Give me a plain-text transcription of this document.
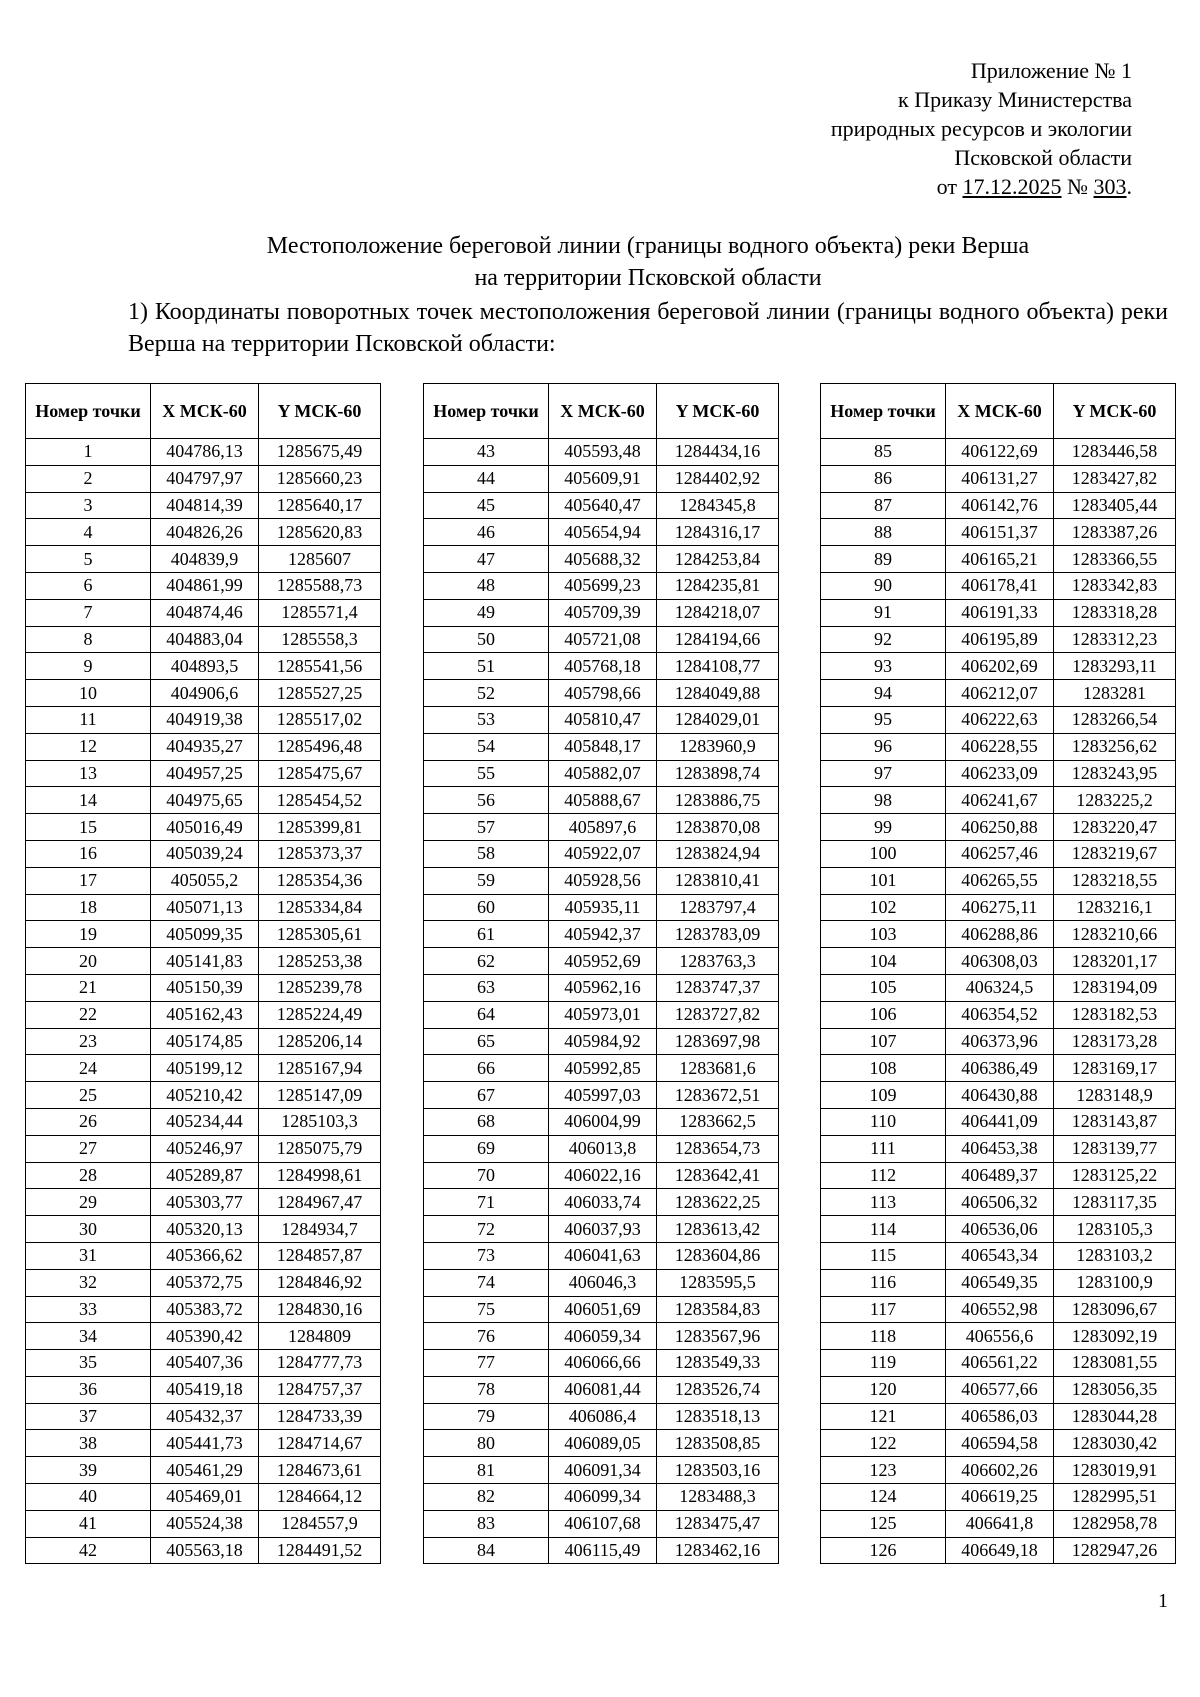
Приложение № 1
к Приказу Министерства
природных ресурсов и экологии
Псковской области
от 17.12.2025 № 303.
Местоположение береговой линии (границы водного объекта) реки Верша
на территории Псковской области
1) Координаты поворотных точек местоположения береговой линии (границы водного объекта) реки Верша на территории Псковской области:
Номер точки	X МСК-60	Y МСК-60
1	404786,13	1285675,49
2	404797,97	1285660,23
3	404814,39	1285640,17
4	404826,26	1285620,83
5	404839,9	1285607
6	404861,99	1285588,73
7	404874,46	1285571,4
8	404883,04	1285558,3
9	404893,5	1285541,56
10	404906,6	1285527,25
11	404919,38	1285517,02
12	404935,27	1285496,48
13	404957,25	1285475,67
14	404975,65	1285454,52
15	405016,49	1285399,81
16	405039,24	1285373,37
17	405055,2	1285354,36
18	405071,13	1285334,84
19	405099,35	1285305,61
20	405141,83	1285253,38
21	405150,39	1285239,78
22	405162,43	1285224,49
23	405174,85	1285206,14
24	405199,12	1285167,94
25	405210,42	1285147,09
26	405234,44	1285103,3
27	405246,97	1285075,79
28	405289,87	1284998,61
29	405303,77	1284967,47
30	405320,13	1284934,7
31	405366,62	1284857,87
32	405372,75	1284846,92
33	405383,72	1284830,16
34	405390,42	1284809
35	405407,36	1284777,73
36	405419,18	1284757,37
37	405432,37	1284733,39
38	405441,73	1284714,67
39	405461,29	1284673,61
40	405469,01	1284664,12
41	405524,38	1284557,9
42	405563,18	1284491,52
Номер точки	X МСК-60	Y МСК-60
43	405593,48	1284434,16
44	405609,91	1284402,92
45	405640,47	1284345,8
46	405654,94	1284316,17
47	405688,32	1284253,84
48	405699,23	1284235,81
49	405709,39	1284218,07
50	405721,08	1284194,66
51	405768,18	1284108,77
52	405798,66	1284049,88
53	405810,47	1284029,01
54	405848,17	1283960,9
55	405882,07	1283898,74
56	405888,67	1283886,75
57	405897,6	1283870,08
58	405922,07	1283824,94
59	405928,56	1283810,41
60	405935,11	1283797,4
61	405942,37	1283783,09
62	405952,69	1283763,3
63	405962,16	1283747,37
64	405973,01	1283727,82
65	405984,92	1283697,98
66	405992,85	1283681,6
67	405997,03	1283672,51
68	406004,99	1283662,5
69	406013,8	1283654,73
70	406022,16	1283642,41
71	406033,74	1283622,25
72	406037,93	1283613,42
73	406041,63	1283604,86
74	406046,3	1283595,5
75	406051,69	1283584,83
76	406059,34	1283567,96
77	406066,66	1283549,33
78	406081,44	1283526,74
79	406086,4	1283518,13
80	406089,05	1283508,85
81	406091,34	1283503,16
82	406099,34	1283488,3
83	406107,68	1283475,47
84	406115,49	1283462,16
Номер точки	X МСК-60	Y МСК-60
85	406122,69	1283446,58
86	406131,27	1283427,82
87	406142,76	1283405,44
88	406151,37	1283387,26
89	406165,21	1283366,55
90	406178,41	1283342,83
91	406191,33	1283318,28
92	406195,89	1283312,23
93	406202,69	1283293,11
94	406212,07	1283281
95	406222,63	1283266,54
96	406228,55	1283256,62
97	406233,09	1283243,95
98	406241,67	1283225,2
99	406250,88	1283220,47
100	406257,46	1283219,67
101	406265,55	1283218,55
102	406275,11	1283216,1
103	406288,86	1283210,66
104	406308,03	1283201,17
105	406324,5	1283194,09
106	406354,52	1283182,53
107	406373,96	1283173,28
108	406386,49	1283169,17
109	406430,88	1283148,9
110	406441,09	1283143,87
111	406453,38	1283139,77
112	406489,37	1283125,22
113	406506,32	1283117,35
114	406536,06	1283105,3
115	406543,34	1283103,2
116	406549,35	1283100,9
117	406552,98	1283096,67
118	406556,6	1283092,19
119	406561,22	1283081,55
120	406577,66	1283056,35
121	406586,03	1283044,28
122	406594,58	1283030,42
123	406602,26	1283019,91
124	406619,25	1282995,51
125	406641,8	1282958,78
126	406649,18	1282947,26
1
